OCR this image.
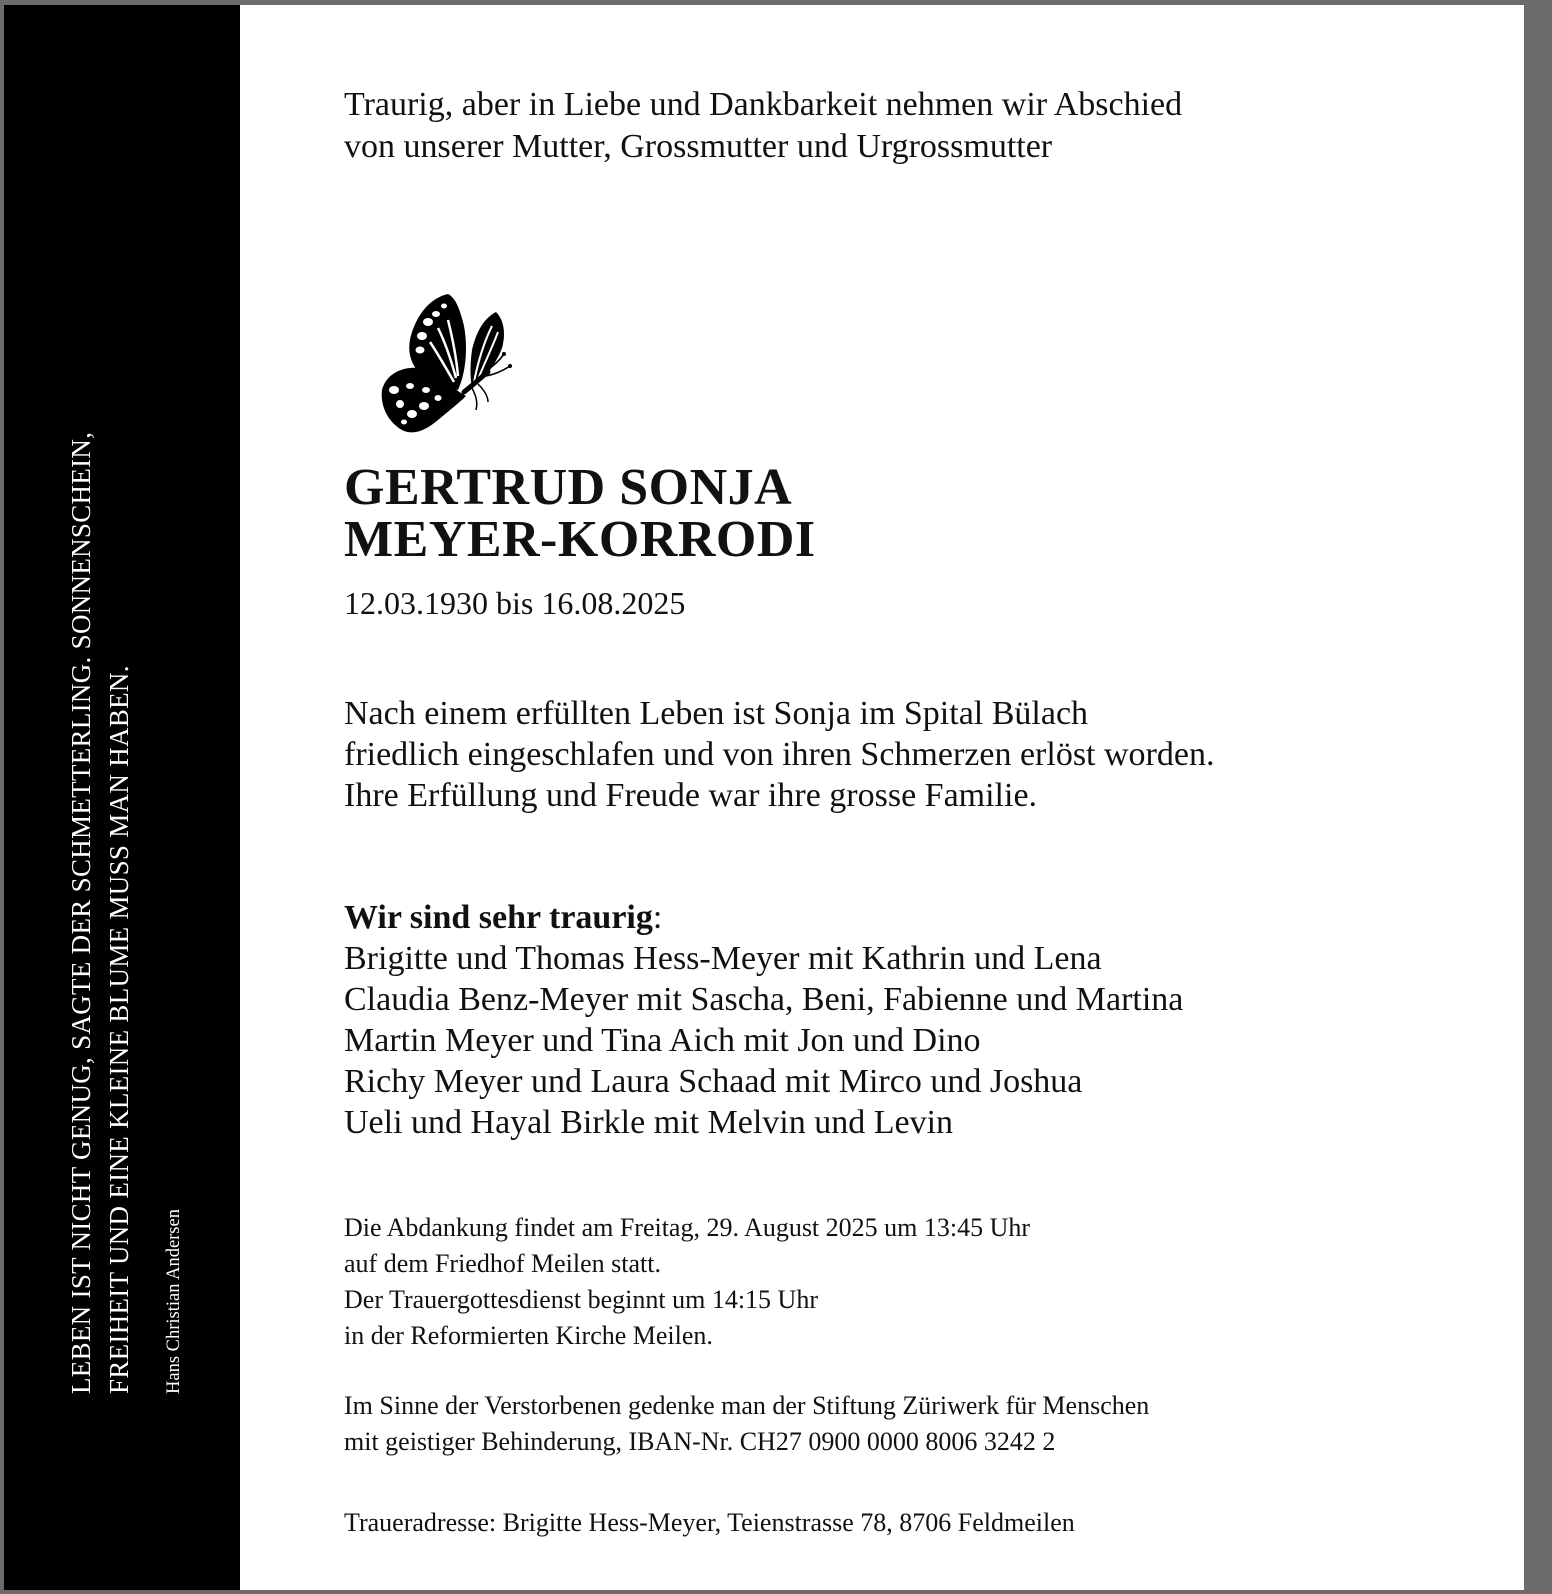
LEBEN IST NICHT GENUG, SAGTE DER SCHMETTERLING. SONNENSCHEIN, FREIHEIT UND EINE KLEINE BLUME MUSS MAN HABEN. Hans Christian Andersen
Traurig, aber in Liebe und Dankbarkeit nehmen wir Abschied
von unserer Mutter, Grossmutter und Urgrossmutter
GERTRUD SONJA
MEYER-KORRODI
12.03.1930 bis 16.08.2025
Nach einem erfüllten Leben ist Sonja im Spital Bülach
friedlich eingeschlafen und von ihren Schmerzen erlöst worden.
Ihre Erfüllung und Freude war ihre grosse Familie.
Wir sind sehr traurig:
Brigitte und Thomas Hess-Meyer mit Kathrin und Lena
Claudia Benz-Meyer mit Sascha, Beni, Fabienne und Martina
Martin Meyer und Tina Aich mit Jon und Dino
Richy Meyer und Laura Schaad mit Mirco und Joshua
Ueli und Hayal Birkle mit Melvin und Levin
Die Abdankung findet am Freitag, 29. August 2025 um 13:45 Uhr
auf dem Friedhof Meilen statt.
Der Trauergottesdienst beginnt um 14:15 Uhr
in der Reformierten Kirche Meilen.
Im Sinne der Verstorbenen gedenke man der Stiftung Züriwerk für Menschen
mit geistiger Behinderung, IBAN-Nr. CH27 0900 0000 8006 3242 2
Traueradresse: Brigitte Hess-Meyer, Teienstrasse 78, 8706 Feldmeilen
